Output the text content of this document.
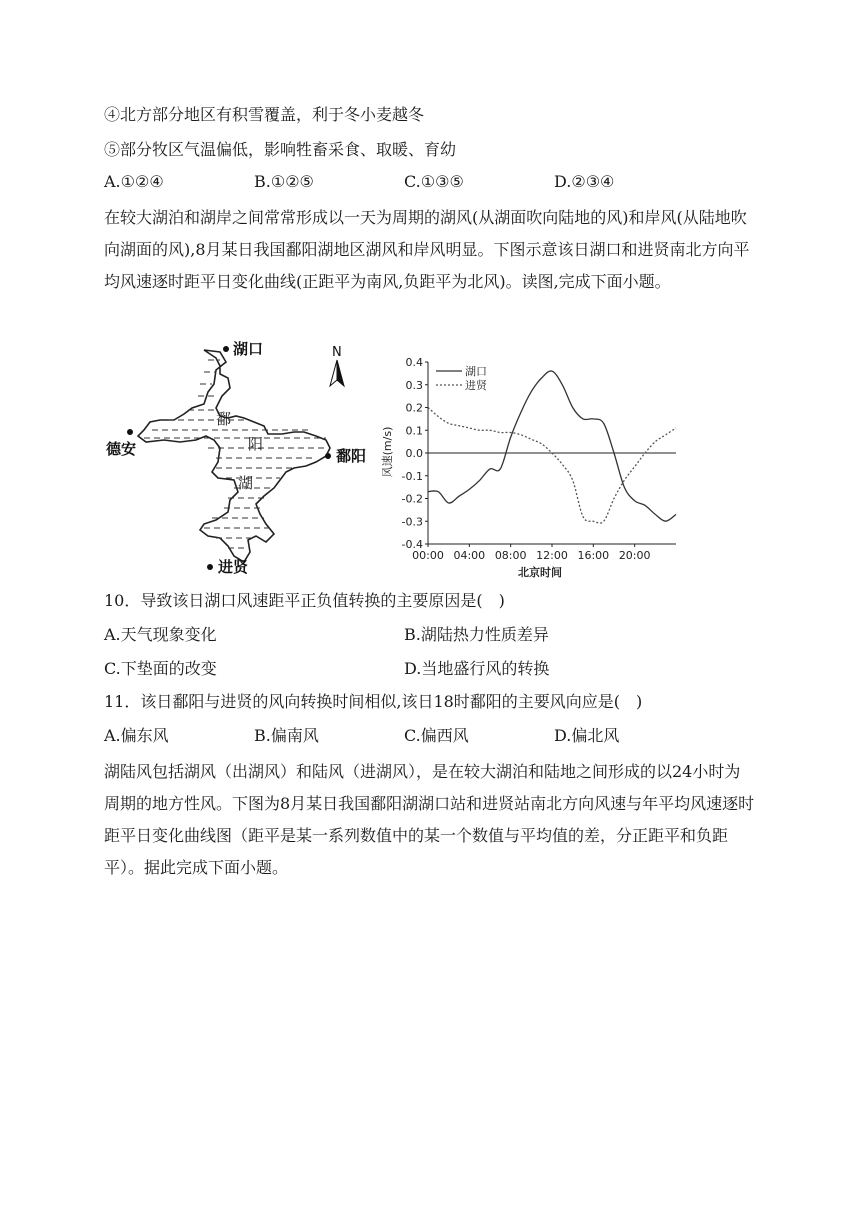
④北方部分地区有积雪覆盖，利于冬小麦越冬
⑤部分牧区气温偏低，影响牲畜采食、取暖、育幼
A.①②④	B.①②⑤	C.①③⑤	D.②③④
在较大湖泊和湖岸之间常常形成以一天为周期的湖风(从湖面吹向陆地的风)和岸风(从陆地吹向湖面的风),8月某日我国鄱阳湖地区湖风和岸风明显。下图示意该日湖口和进贤南北方向平均风速逐时距平日变化曲线(正距平为南风,负距平为北风)。读图,完成下面小题。
鄱
阳
湖
湖口
德安	鄱阳
进贤
N
0.4
0.3
0.2
0.1
0.0
-0.1
-0.2
-0.3
-0.4
00:00 04:00 08:00 12:00 16:00 20:00
湖口
进贤
风速(m/s)
北京时间
10．导致该日湖口风速距平正负值转换的主要原因是(　)
A.天气现象变化	B.湖陆热力性质差异
C.下垫面的改变	D.当地盛行风的转换
11．该日鄱阳与进贤的风向转换时间相似,该日18时鄱阳的主要风向应是(　)
A.偏东风	B.偏南风	C.偏西风	D.偏北风
湖陆风包括湖风（出湖风）和陆风（进湖风），是在较大湖泊和陆地之间形成的以24小时为周期的地方性风。下图为8月某日我国鄱阳湖湖口站和进贤站南北方向风速与年平均风速逐时距平日变化曲线图（距平是某一系列数值中的某一个数值与平均值的差，分正距平和负距平）。据此完成下面小题。
